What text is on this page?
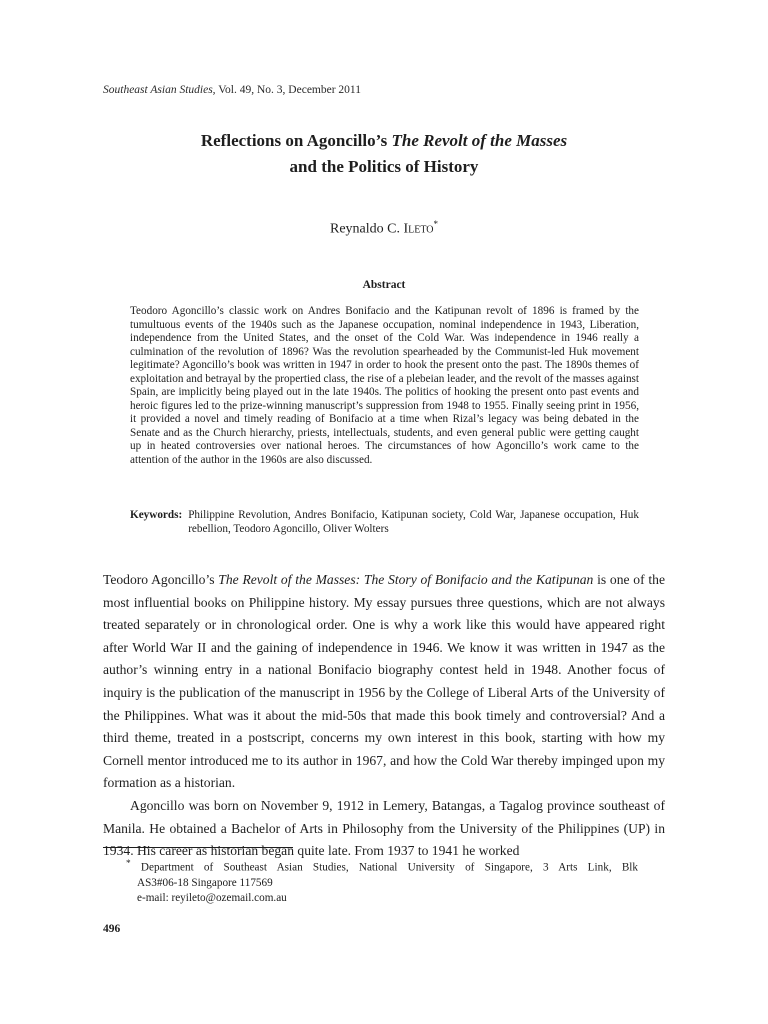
Southeast Asian Studies, Vol. 49, No. 3, December 2011
Reflections on Agoncillo’s The Revolt of the Masses
and the Politics of History
Reynaldo C. Ileto*
Abstract

Teodoro Agoncillo’s classic work on Andres Bonifacio and the Katipunan revolt of 1896 is framed by the tumultuous events of the 1940s such as the Japanese occupation, nominal independence in 1943, Liberation, independence from the United States, and the onset of the Cold War. Was independence in 1946 really a culmination of the revolution of 1896? Was the revolution spearheaded by the Communist-led Huk movement legitimate? Agoncillo’s book was written in 1947 in order to hook the present onto the past. The 1890s themes of exploitation and betrayal by the propertied class, the rise of a plebeian leader, and the revolt of the masses against Spain, are implicitly being played out in the late 1940s. The politics of hooking the present onto past events and heroic figures led to the prize-winning manuscript’s suppression from 1948 to 1955. Finally seeing print in 1956, it provided a novel and timely reading of Bonifacio at a time when Rizal’s legacy was being debated in the Senate and as the Church hierarchy, priests, intellectuals, students, and even general public were getting caught up in heated controversies over national heroes. The circumstances of how Agoncillo’s work came to the attention of the author in the 1960s are also discussed.

Keywords: Philippine Revolution, Andres Bonifacio, Katipunan society, Cold War, Japanese occupation, Huk rebellion, Teodoro Agoncillo, Oliver Wolters

Teodoro Agoncillo’s The Revolt of the Masses: The Story of Bonifacio and the Katipunan is one of the most influential books on Philippine history. My essay pursues three questions, which are not always treated separately or in chronological order. One is why a work like this would have appeared right after World War II and the gaining of independence in 1946. We know it was written in 1947 as the author’s winning entry in a national Bonifacio biography contest held in 1948. Another focus of inquiry is the publication of the manuscript in 1956 by the College of Liberal Arts of the University of the Philippines. What was it about the mid-50s that made this book timely and controversial? And a third theme, treated in a postscript, concerns my own interest in this book, starting with how my Cornell mentor introduced me to its author in 1967, and how the Cold War thereby impinged upon my formation as a historian.

Agoncillo was born on November 9, 1912 in Lemery, Batangas, a Tagalog province southeast of Manila. He obtained a Bachelor of Arts in Philosophy from the University of the Philippines (UP) in 1934. His career as historian began quite late. From 1937 to 1941 he worked

* Department of Southeast Asian Studies, National University of Singapore, 3 Arts Link, Blk
AS3#06-18 Singapore 117569
e-mail: reyileto@ozemail.com.au
496
